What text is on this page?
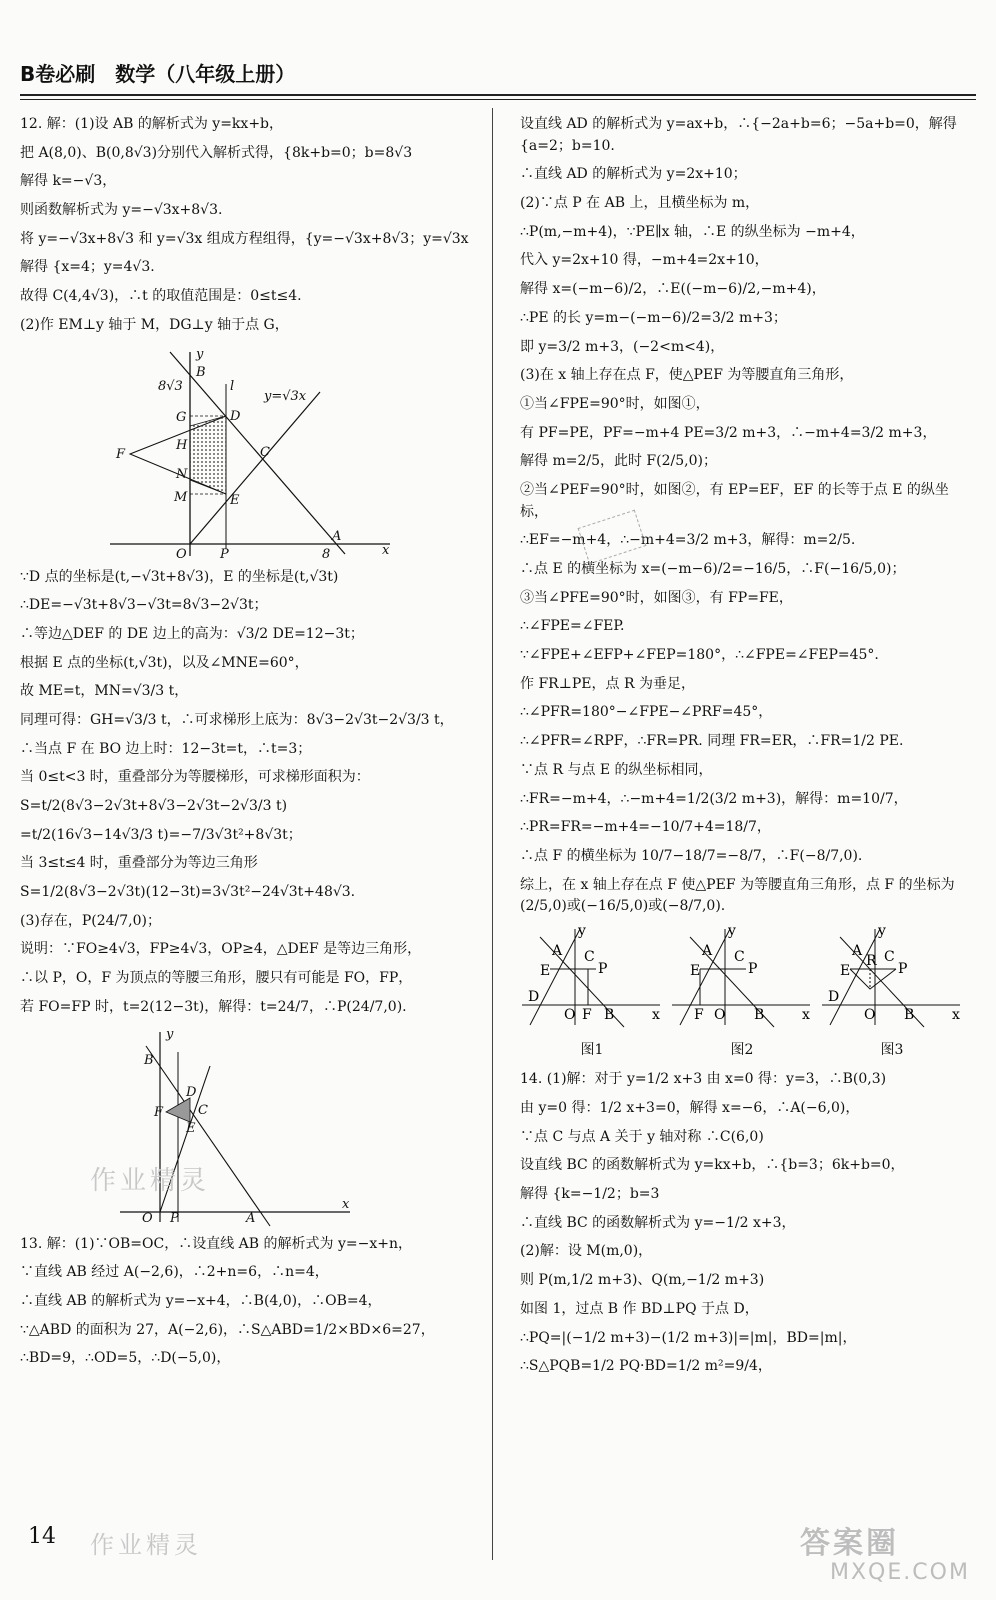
B卷必刷　数学（八年级上册）

12. 解：(1)设 AB 的解析式为 y=kx+b，

把 A(8,0)、B(0,8√3)分别代入解析式得，{8k+b=0；b=8√3

解得 k=−√3，

则函数解析式为 y=−√3x+8√3.

将 y=−√3x+8√3 和 y=√3x 组成方程组得，{y=−√3x+8√3；y=√3x

解得 {x=4；y=4√3.

故得 C(4,4√3)，∴t 的取值范围是：0≤t≤4.

(2)作 EM⊥y 轴于 M，DG⊥y 轴于点 G，

y
x
B
8√3	l
y=√3x
G	D
H	C
F
N
M	E
O	P	8
A

∵D 点的坐标是(t,−√3t+8√3)，E 的坐标是(t,√3t)

∴DE=−√3t+8√3−√3t=8√3−2√3t；

∴等边△DEF 的 DE 边上的高为：√3/2 DE=12−3t；

根据 E 点的坐标(t,√3t)，以及∠MNE=60°，

故 ME=t，MN=√3/3 t，

同理可得：GH=√3/3 t，∴可求梯形上底为：8√3−2√3t−2√3/3 t，

∴当点 F 在 BO 边上时：12−3t=t，∴t=3；

当 0≤t<3 时，重叠部分为等腰梯形，可求梯形面积为：

S=t/2(8√3−2√3t+8√3−2√3t−2√3/3 t)

=t/2(16√3−14√3/3 t)=−7/3√3t²+8√3t；

当 3≤t≤4 时，重叠部分为等边三角形

S=1/2(8√3−2√3t)(12−3t)=3√3t²−24√3t+48√3.

(3)存在，P(24/7,0)；

说明：∵FO≥4√3，FP≥4√3，OP≥4，△DEF 是等边三角形，

∴以 P，O，F 为顶点的等腰三角形，腰只有可能是 FO，FP，

若 FO=FP 时，t=2(12−3t)，解得：t=24/7，∴P(24/7,0).

y
x
B
D
F	C
E
O P	A

13. 解：(1)∵OB=OC，∴设直线 AB 的解析式为 y=−x+n，

∵直线 AB 经过 A(−2,6)，∴2+n=6，∴n=4，

∴直线 AB 的解析式为 y=−x+4，∴B(4,0)，∴OB=4，

∵△ABD 的面积为 27，A(−2,6)，∴S△ABD=1/2×BD×6=27，

∴BD=9，∴OD=5，∴D(−5,0)，

设直线 AD 的解析式为 y=ax+b，∴{−2a+b=6；−5a+b=0，解得 {a=2；b=10.

∴直线 AD 的解析式为 y=2x+10；

(2)∵点 P 在 AB 上，且横坐标为 m，

∴P(m,−m+4)，∵PE∥x 轴，∴E 的纵坐标为 −m+4，

代入 y=2x+10 得，−m+4=2x+10，

解得 x=(−m−6)/2，∴E((−m−6)/2,−m+4)，

∴PE 的长 y=m−(−m−6)/2=3/2 m+3；

即 y=3/2 m+3，(−2<m<4)，

(3)在 x 轴上存在点 F，使△PEF 为等腰直角三角形，

①当∠FPE=90°时，如图①，

有 PF=PE，PF=−m+4 PE=3/2 m+3，∴−m+4=3/2 m+3，

解得 m=2/5，此时 F(2/5,0)；

②当∠PEF=90°时，如图②，有 EP=EF，EF 的长等于点 E 的纵坐标，

∴EF=−m+4，∴−m+4=3/2 m+3，解得：m=2/5.

∴点 E 的横坐标为 x=(−m−6)/2=−16/5，∴F(−16/5,0)；

③当∠PFE=90°时，如图③，有 FP=FE，

∴∠FPE=∠FEP.

∵∠FPE+∠EFP+∠FEP=180°，∴∠FPE=∠FEP=45°.

作 FR⊥PE，点 R 为垂足，

∴∠PFR=180°−∠FPE−∠PRF=45°，

∴∠PFR=∠RPF，∴FR=PR. 同理 FR=ER，∴FR=1/2 PE.

∵点 R 与点 E 的纵坐标相同，

∴FR=−m+4，∴−m+4=1/2(3/2 m+3)，解得：m=10/7，

∴PR=FR=−m+4=−10/7+4=18/7，

∴点 F 的横坐标为 10/7−18/7=−8/7，∴F(−8/7,0).

综上，在 x 轴上存在点 F 使△PEF 为等腰直角三角形，点 F 的坐标为(2/5,0)或(−16/5,0)或(−8/7,0).

y
A
E
C
P
D
O F B	x
图1
y
A
E
C
P
F O B	x
图2
y
A
E
R C
P
D
O B	x
图3

14. (1)解：对于 y=1/2 x+3 由 x=0 得：y=3，∴B(0,3)

由 y=0 得：1/2 x+3=0，解得 x=−6，∴A(−6,0)，

∵点 C 与点 A 关于 y 轴对称 ∴C(6,0)

设直线 BC 的函数解析式为 y=kx+b，∴{b=3；6k+b=0，

解得 {k=−1/2；b=3

∴直线 BC 的函数解析式为 y=−1/2 x+3，

(2)解：设 M(m,0)，

则 P(m,1/2 m+3)、Q(m,−1/2 m+3)

如图 1，过点 B 作 BD⊥PQ 于点 D，

∴PQ=|(−1/2 m+3)−(1/2 m+3)|=|m|，BD=|m|，

∴S△PQB=1/2 PQ·BD=1/2 m²=9/4，

作业精灵
作业精灵	答案圈
MXQE.COM
14
